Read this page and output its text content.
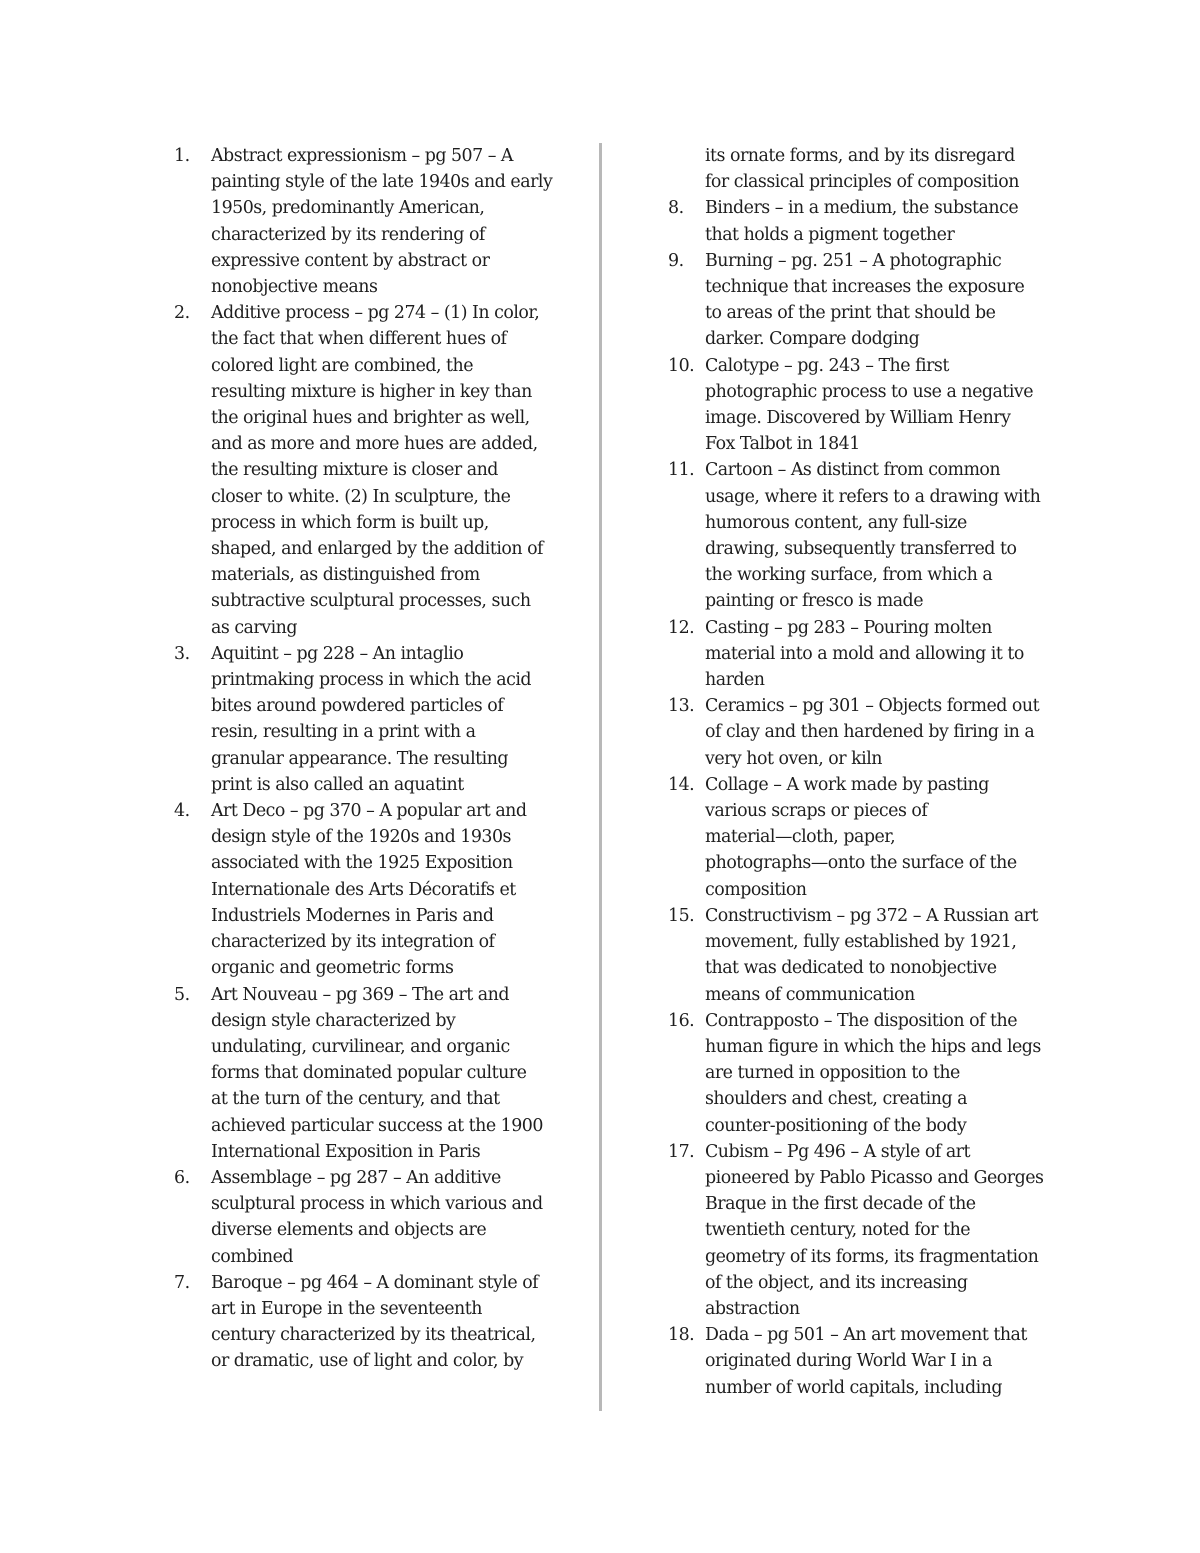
1.	Abstract expressionism – pg 507 – A
painting style of the late 1940s and early
1950s, predominantly American,
characterized by its rendering of
expressive content by abstract or
nonobjective means
2.	Additive process – pg 274 – (1) In color,
the fact that when different hues of
colored light are combined, the
resulting mixture is higher in key than
the original hues and brighter as well,
and as more and more hues are added,
the resulting mixture is closer and
closer to white. (2) In sculpture, the
process in which form is built up,
shaped, and enlarged by the addition of
materials, as distinguished from
subtractive sculptural processes, such
as carving
3.	Aquitint – pg 228 – An intaglio
printmaking process in which the acid
bites around powdered particles of
resin, resulting in a print with a
granular appearance. The resulting
print is also called an aquatint
4.	Art Deco – pg 370 – A popular art and
design style of the 1920s and 1930s
associated with the 1925 Exposition
Internationale des Arts Décoratifs et
Industriels Modernes in Paris and
characterized by its integration of
organic and geometric forms
5.	Art Nouveau – pg 369 – The art and
design style characterized by
undulating, curvilinear, and organic
forms that dominated popular culture
at the turn of the century, and that
achieved particular success at the 1900
International Exposition in Paris
6.	Assemblage – pg 287 – An additive
sculptural process in which various and
diverse elements and objects are
combined
7.	Baroque – pg 464 – A dominant style of
art in Europe in the seventeenth
century characterized by its theatrical,
or dramatic, use of light and color, by
its ornate forms, and by its disregard
for classical principles of composition
8.	Binders – in a medium, the substance
that holds a pigment together
9.	Burning – pg. 251 – A photographic
technique that increases the exposure
to areas of the print that should be
darker. Compare dodging
10. Calotype – pg. 243 – The first
photographic process to use a negative
image. Discovered by William Henry
Fox Talbot in 1841
11. Cartoon – As distinct from common
usage, where it refers to a drawing with
humorous content, any full-size
drawing, subsequently transferred to
the working surface, from which a
painting or fresco is made
12. Casting – pg 283 – Pouring molten
material into a mold and allowing it to
harden
13. Ceramics – pg 301 – Objects formed out
of clay and then hardened by firing in a
very hot oven, or kiln
14. Collage – A work made by pasting
various scraps or pieces of
material—cloth, paper,
photographs—onto the surface of the
composition
15. Constructivism – pg 372 – A Russian art
movement, fully established by 1921,
that was dedicated to nonobjective
means of communication
16. Contrapposto – The disposition of the
human figure in which the hips and legs
are turned in opposition to the
shoulders and chest, creating a
counter-positioning of the body
17. Cubism – Pg 496 – A style of art
pioneered by Pablo Picasso and Georges
Braque in the first decade of the
twentieth century, noted for the
geometry of its forms, its fragmentation
of the object, and its increasing
abstraction
18. Dada – pg 501 – An art movement that
originated during World War I in a
number of world capitals, including
